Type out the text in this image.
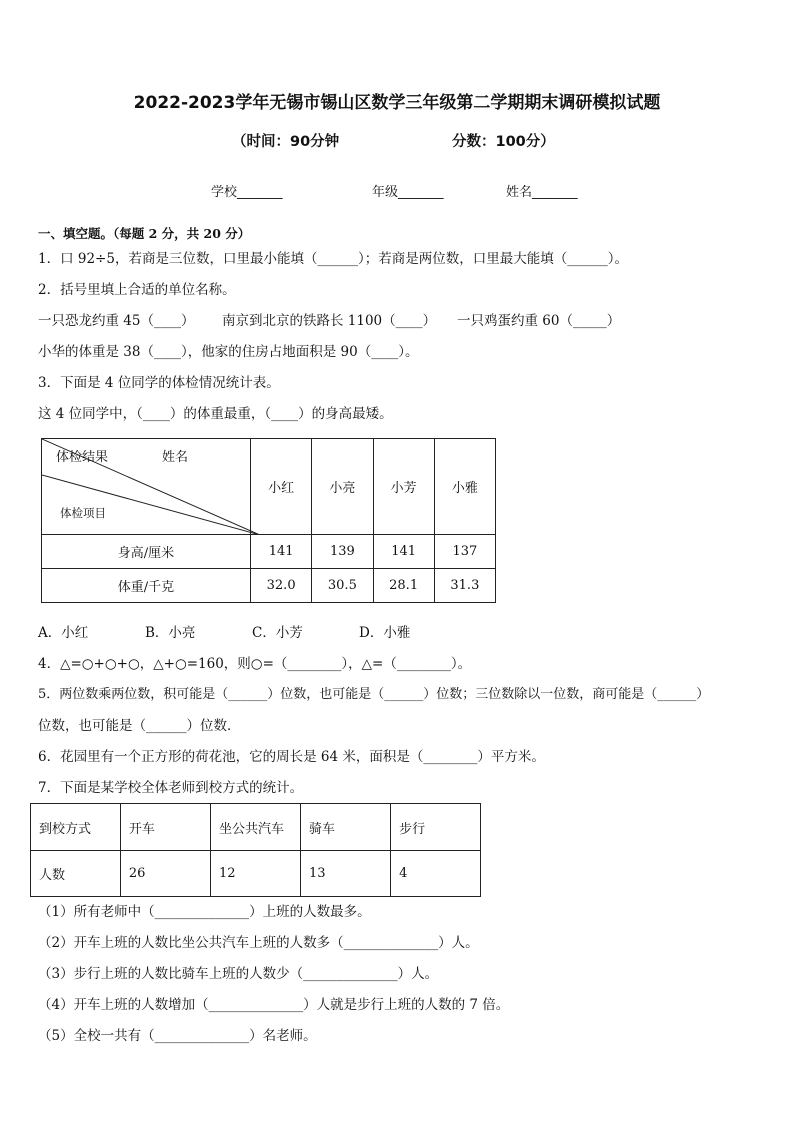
2022-2023学年无锡市锡山区数学三年级第二学期期末调研模拟试题
（时间：90分钟	分数：100分）
学校_______	年级_______	姓名_______
一、填空题。（每题 2 分，共 20 分）
1．口 92÷5，若商是三位数，口里最小能填（______）；若商是两位数，口里最大能填（______）。
2．括号里填上合适的单位名称。
一只恐龙约重 45（____） 南京到北京的铁路长 1100（____） 一只鸡蛋约重 60（_____）
小华的体重是 38（____），他家的住房占地面积是 90（____）。
3．下面是 4 位同学的体检情况统计表。
这 4 位同学中，（____）的体重最重，（____）的身高最矮。
体检结果 姓名
体检项目	小红	小亮	小芳	小雅
身高/厘米	141	139	141	137
体重/千克	32.0	30.5	28.1	31.3
A．小红	B．小亮	C．小芳	D．小雅
4．△=○+○+○，△+○=160，则○=（________），△=（________）。
5．两位数乘两位数，积可能是（______）位数，也可能是（______）位数；三位数除以一位数，商可能是（______）
位数，也可能是（______）位数．
6．花园里有一个正方形的荷花池，它的周长是 64 米，面积是（________）平方米。
7．下面是某学校全体老师到校方式的统计。
到校方式	开车	坐公共汽车	骑车	步行
人数	26	12	13	4
（1）所有老师中（______________）上班的人数最多。
（2）开车上班的人数比坐公共汽车上班的人数多（______________）人。
（3）步行上班的人数比骑车上班的人数少（______________）人。
（4）开车上班的人数增加（______________）人就是步行上班的人数的 7 倍。
（5）全校一共有（______________）名老师。
